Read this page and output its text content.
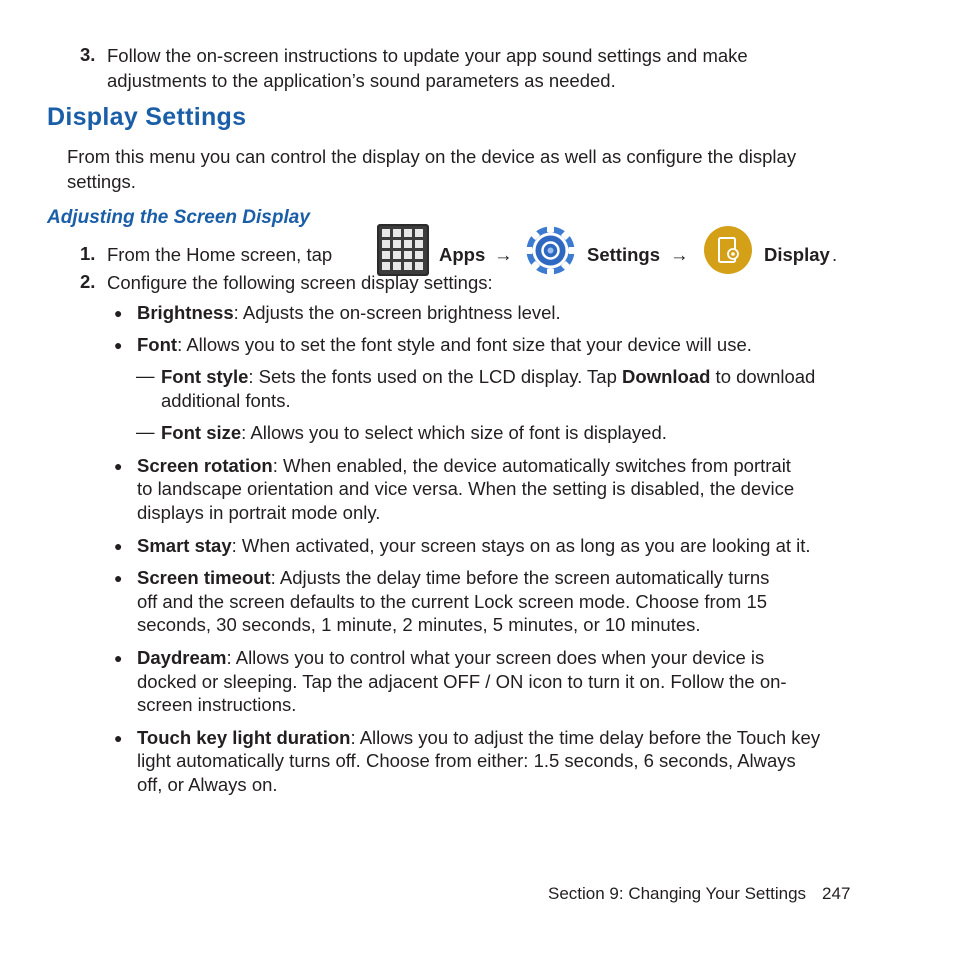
3. Follow the on-screen instructions to update your app sound settings and make
adjustments to the application’s sound parameters as needed.
Display Settings
From this menu you can control the display on the device as well as configure the display
settings.
Adjusting the Screen Display
1. From the Home screen, tap	Apps →	Settings →	Display .
2. Configure the following screen display settings:
● Brightness: Adjusts the on-screen brightness level.
● Font: Allows you to set the font style and font size that your device will use.
— Font style: Sets the fonts used on the LCD display. Tap Download to download
additional fonts.
— Font size: Allows you to select which size of font is displayed.
● Screen rotation: When enabled, the device automatically switches from portrait
to landscape orientation and vice versa. When the setting is disabled, the device
displays in portrait mode only.
● Smart stay: When activated, your screen stays on as long as you are looking at it.
● Screen timeout: Adjusts the delay time before the screen automatically turns
off and the screen defaults to the current Lock screen mode. Choose from 15
seconds, 30 seconds, 1 minute, 2 minutes, 5 minutes, or 10 minutes.
● Daydream: Allows you to control what your screen does when your device is
docked or sleeping. Tap the adjacent OFF / ON icon to turn it on. Follow the on-
screen instructions.
● Touch key light duration: Allows you to adjust the time delay before the Touch key
light automatically turns off. Choose from either: 1.5 seconds, 6 seconds, Always
off, or Always on.
Section 9: Changing Your Settings 247
